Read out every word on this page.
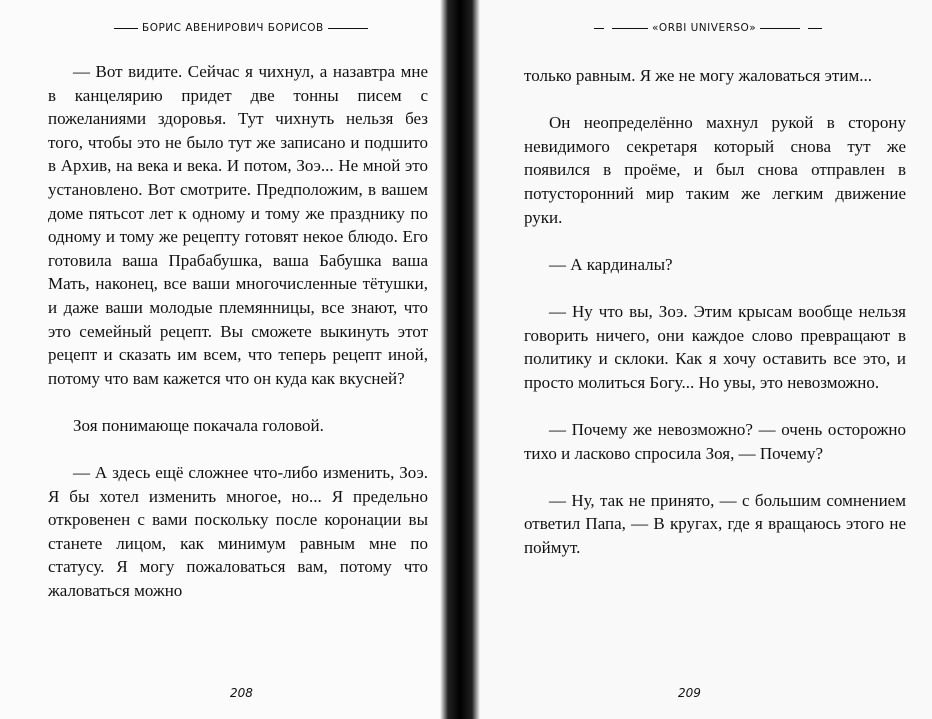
БОРИС АВЕНИРОВИЧ БОРИСОВ

— Вот видите. Сейчас я чихнул, а назавтра мне в канцелярию придет две тонны писем с пожеланиями здоровья. Тут чихнуть нельзя без того, чтобы это не было тут же записано и подшито в Архив, на века и века. И потом, Зоэ... Не мной это установлено. Вот смотрите. Предположим, в вашем доме пятьсот лет к одному и тому же празднику по одному и тому же рецепту готовят некое блюдо. Его готовила ваша Прабабушка, ваша Бабушка ваша Мать, наконец, все ваши многочисленные тётушки, и даже ваши молодые племянницы, все знают, что это семейный рецепт. Вы сможете выкинуть этот рецепт и сказать им всем, что теперь рецепт иной, потому что вам кажется что он куда как вкусней?

Зоя понимающе покачала головой.

— А здесь ещё сложнее что-либо изменить, Зоэ. Я бы хотел изменить многое, но... Я предельно откровенен с вами поскольку после коронации вы станете лицом, как минимум равным мне по статусу. Я могу пожаловаться вам, потому что жаловаться можно

208
«ORBI UNIVERSO»

только равным. Я же не могу жаловаться этим...

Он неопределённо махнул рукой в сторону невидимого секретаря который снова тут же появился в проёме, и был снова отправлен в потусторонний мир таким же легким движение руки.

— А кардиналы?

— Ну что вы, Зоэ. Этим крысам вообще нельзя говорить ничего, они каждое слово превращают в политику и склоки. Как я хочу оставить все это, и просто молиться Богу... Но увы, это невозможно.

— Почему же невозможно? — очень осторожно тихо и ласково спросила Зоя, — Почему?

— Ну, так не принято, — с большим сомнением ответил Папа, — В кругах, где я вращаюсь этого не поймут.

209
